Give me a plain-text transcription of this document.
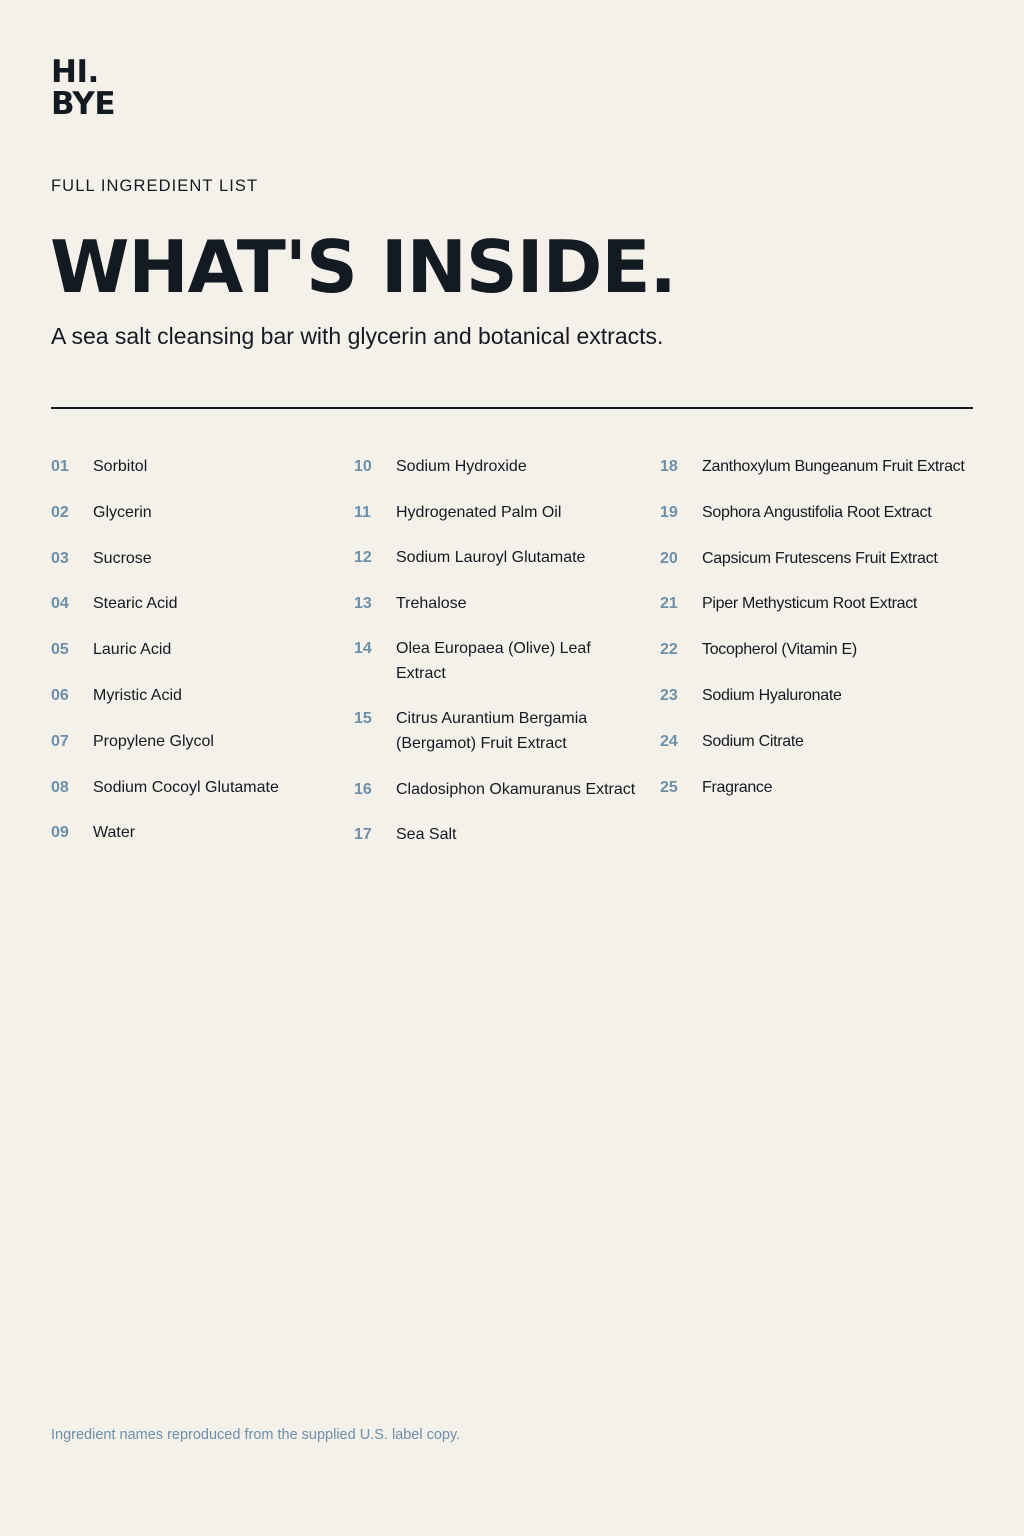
HI.
BYE
FULL INGREDIENT LIST
WHAT'S INSIDE.

A sea salt cleansing bar with glycerin and botanical extracts.

01	Sorbitol
02	Glycerin
03	Sucrose
04	Stearic Acid
05	Lauric Acid
06	Myristic Acid
07	Propylene Glycol
08	Sodium Cocoyl Glutamate
09	Water
10	Sodium Hydroxide
11	Hydrogenated Palm Oil
12	Sodium Lauroyl Glutamate
13	Trehalose
14	Olea Europaea (Olive) Leaf Extract
15	Citrus Aurantium Bergamia (Bergamot) Fruit Extract
16	Cladosiphon Okamuranus Extract
17	Sea Salt
18	Zanthoxylum Bungeanum Fruit Extract
19	Sophora Angustifolia Root Extract
20	Capsicum Frutescens Fruit Extract
21	Piper Methysticum Root Extract
22	Tocopherol (Vitamin E)
23	Sodium Hyaluronate
24	Sodium Citrate
25	Fragrance
Ingredient names reproduced from the supplied U.S. label copy.
